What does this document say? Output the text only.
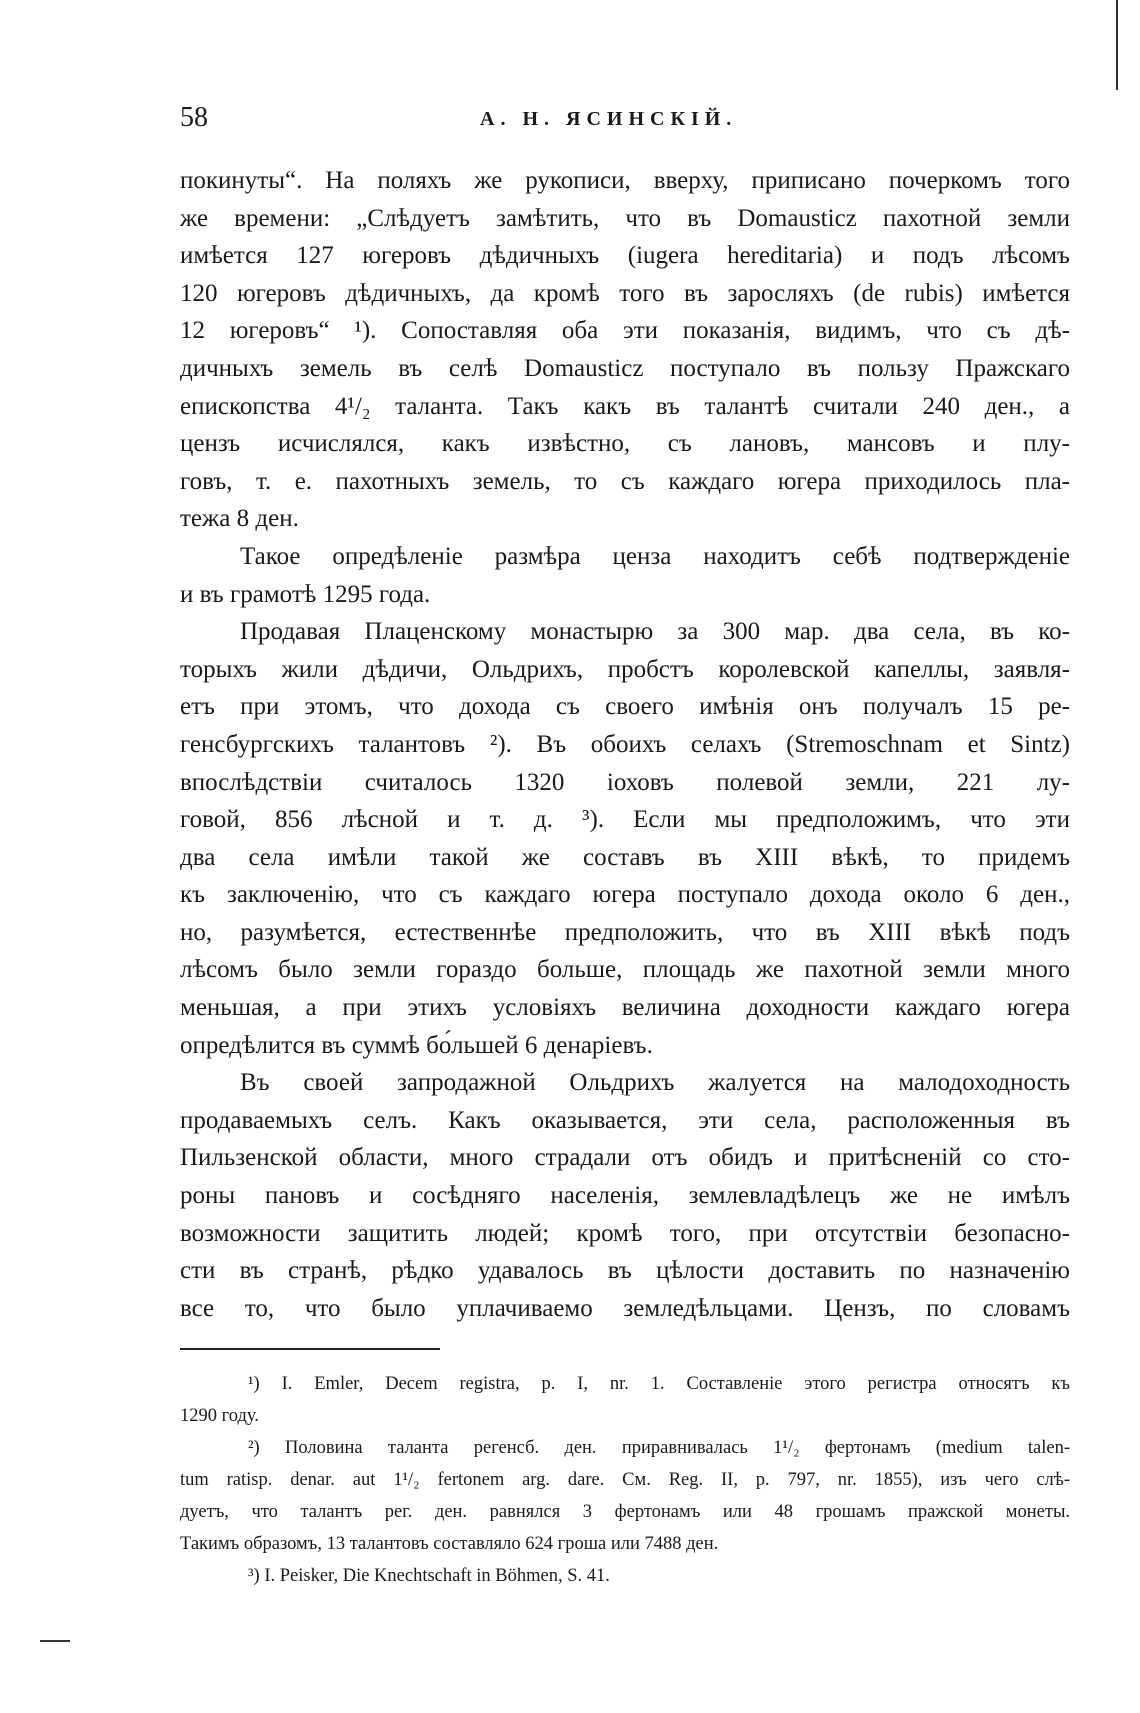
58	А. Н. ЯСИНСКІЙ.
покинуты“. На поляхъ же рукописи, вверху, приписано почеркомъ того
же времени: „Слѣдуетъ замѣтить, что въ Domausticz пахотной земли
имѣется 127 югеровъ дѣдичныхъ (iugera hereditaria) и подъ лѣсомъ
120 югеровъ дѣдичныхъ, да кромѣ того въ заросляхъ (de rubis) имѣется
12 югеровъ“ ¹). Сопоставляя оба эти показанія, видимъ, что съ дѣ-
дичныхъ земель въ селѣ Domausticz поступало въ пользу Пражскаго
епископства 4¹/₂ таланта. Такъ какъ въ талантѣ считали 240 ден., а
цензъ исчислялся, какъ извѣстно, съ лановъ, мансовъ и плу-
говъ, т. е. пахотныхъ земель, то съ каждаго югера приходилось пла-
тежа 8 ден.
Такое опредѣленіе размѣра ценза находитъ себѣ подтвержденіе
и въ грамотѣ 1295 года.
Продавая Плаценскому монастырю за 300 мар. два села, въ ко-
торыхъ жили дѣдичи, Ольдрихъ, пробстъ королевской капеллы, заявля-
етъ при этомъ, что дохода съ своего имѣнія онъ получалъ 15 ре-
генсбургскихъ талантовъ ²). Въ обоихъ селахъ (Stremoschnam et Sintz)
впослѣдствіи считалось 1320 іоховъ полевой земли, 221 лу-
говой, 856 лѣсной и т. д. ³). Если мы предположимъ, что эти
два села имѣли такой же составъ въ XIII вѣкѣ, то придемъ
къ заключенію, что съ каждаго югера поступало дохода около 6 ден.,
но, разумѣется, естественнѣе предположить, что въ XIII вѣкѣ подъ
лѣсомъ было земли гораздо больше, площадь же пахотной земли много
меньшая, а при этихъ условіяхъ величина доходности каждаго югера
опредѣлится въ суммѣ бо́льшей 6 денаріевъ.
Въ своей запродажной Ольдрихъ жалуется на малодоходность
продаваемыхъ селъ. Какъ оказывается, эти села, расположенныя въ
Пильзенской области, много страдали отъ обидъ и притѣсненій со сто-
роны пановъ и сосѣдняго населенія, землевладѣлецъ же не имѣлъ
возможности защитить людей; кромѣ того, при отсутствіи безопасно-
сти въ странѣ, рѣдко удавалось въ цѣлости доставить по назначенію
все то, что было уплачиваемо земледѣльцами. Цензъ, по словамъ
¹) I. Emler, Decem registra, p. I, nr. 1. Составленіе этого регистра относятъ къ
1290 году.
²) Половина таланта регенсб. ден. приравнивалась 1¹/₂ фертонамъ (medium talen-
tum ratisp. denar. aut 1¹/₂ fertonem arg. dare. См. Reg. II, p. 797, nr. 1855), изъ чего слѣ-
дуетъ, что талантъ рег. ден. равнялся 3 фертонамъ или 48 грошамъ пражской монеты.
Такимъ образомъ, 13 талантовъ составляло 624 гроша или 7488 ден.
³) I. Peisker, Die Knechtschaft in Böhmen, S. 41.
